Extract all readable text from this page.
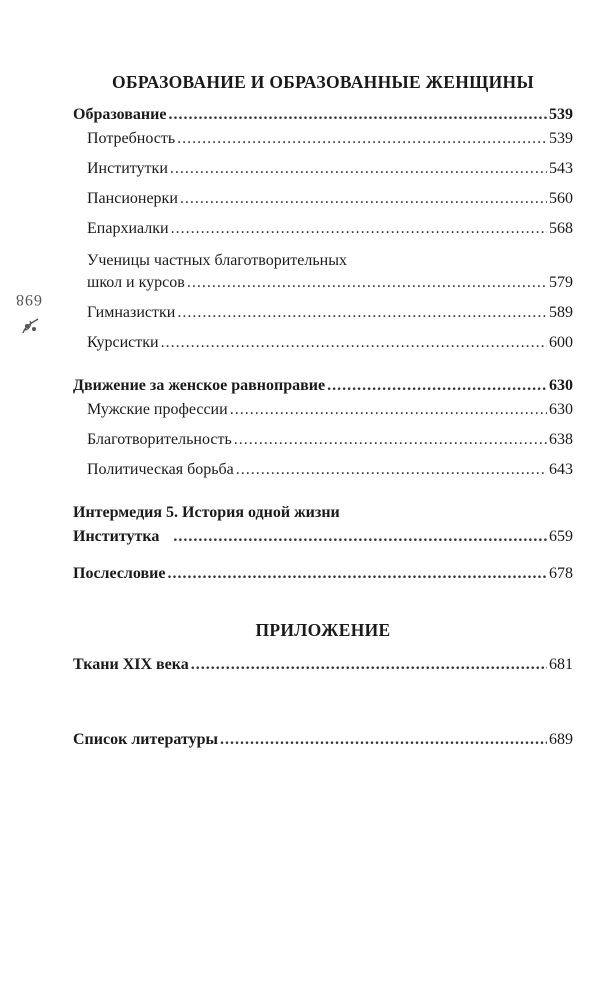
698
ОБРАЗОВАНИЕ И ОБРАЗОВАННЫЕ ЖЕНЩИНЫ
Образование .....	539
Потребность .....	539
Институтки .....	543
Пансионерки .....	560
Епархиалки .....	568
Ученицы частных благотворительных
школ и курсов .....	579
Гимназистки .....	589
Курсистки .....	600
Движение за женское равноправие .....	630
Мужские профессии .....	630
Благотворительность .....	638
Политическая борьба .....	643
Интермедия 5. История одной жизни
Институтка .....	659
Послесловие .....	678
ПРИЛОЖЕНИЕ
Ткани XIX века .....	681
Список литературы .....	689
